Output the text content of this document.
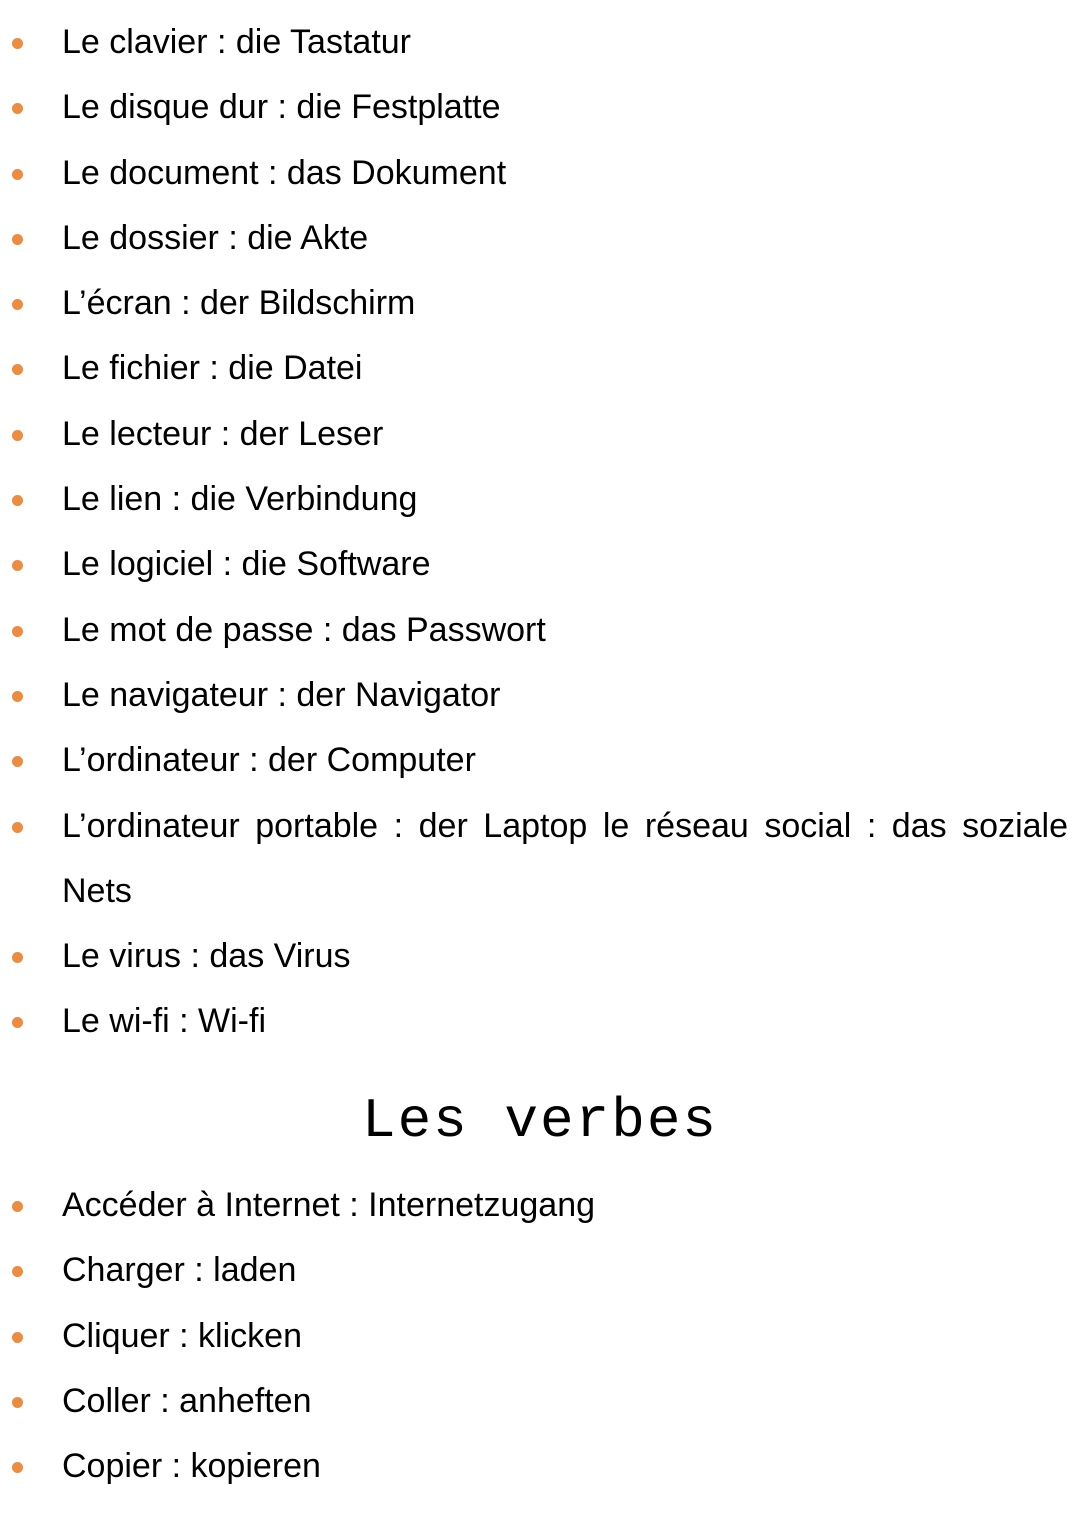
Le clavier : die Tastatur
Le disque dur : die Festplatte
Le document : das Dokument
Le dossier : die Akte
L’écran : der Bildschirm
Le fichier : die Datei
Le lecteur : der Leser
Le lien : die Verbindung
Le logiciel : die Software
Le mot de passe : das Passwort
Le navigateur : der Navigator
L’ordinateur : der Computer
L’ordinateur portable : der Laptop le réseau social : das soziale Nets
Le virus : das Virus
Le wi-fi : Wi-fi
Les verbes
Accéder à Internet : Internetzugang
Charger : laden
Cliquer : klicken
Coller : anheften
Copier : kopieren
